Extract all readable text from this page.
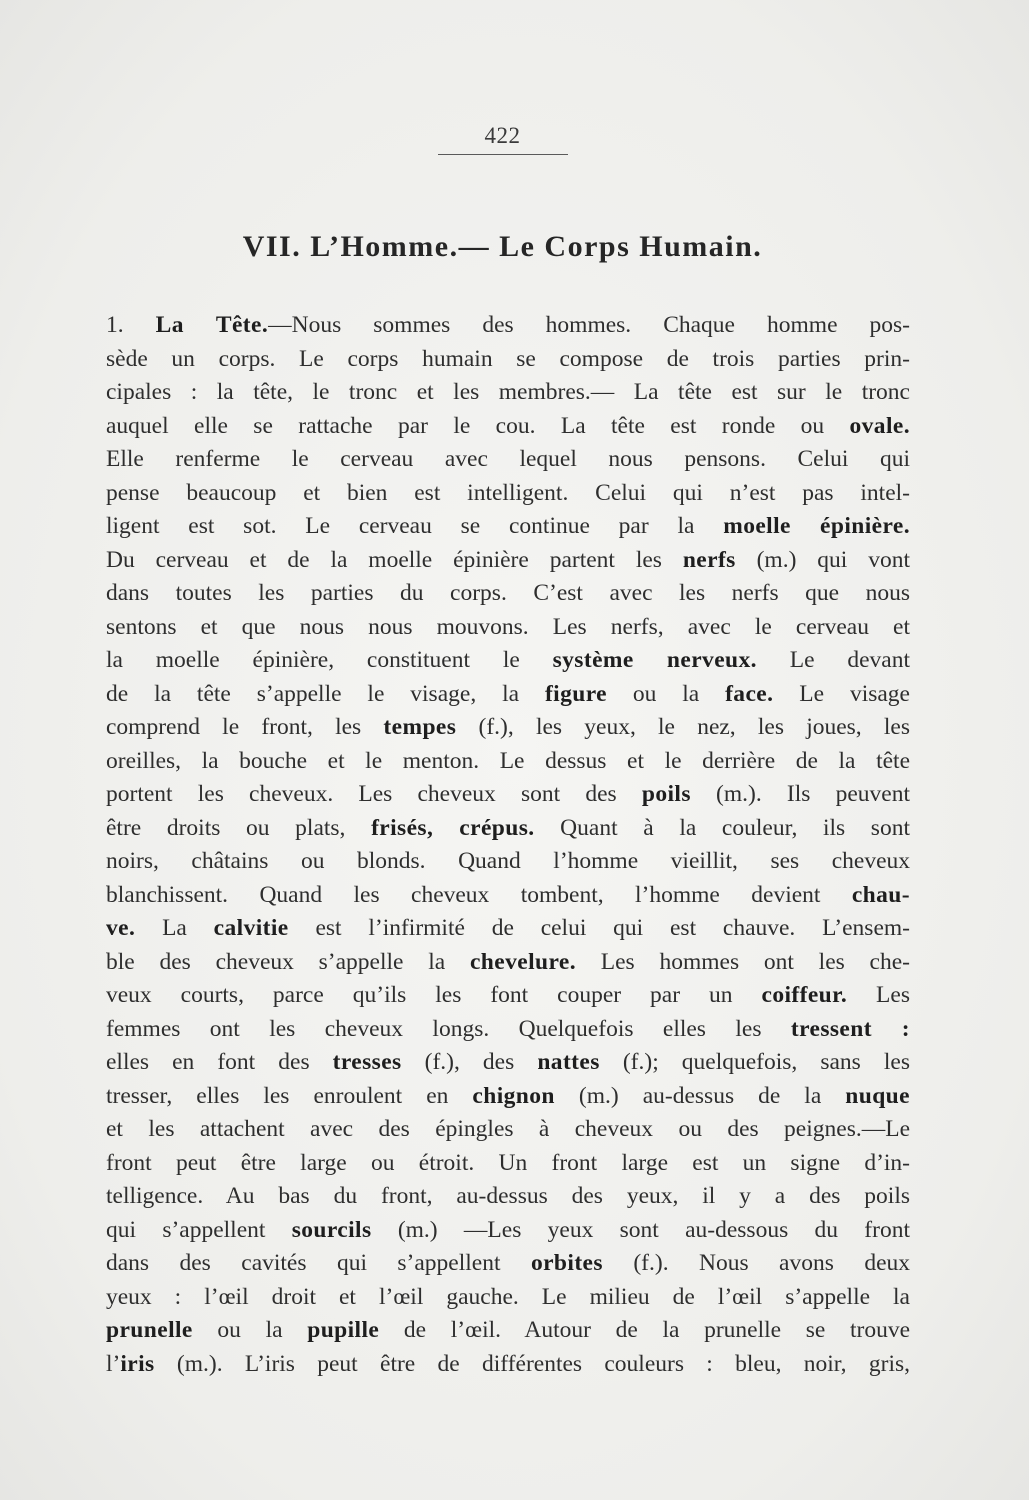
422
VII. L’Homme.— Le Corps Humain.
1. La Tête.—Nous sommes des hommes. Chaque homme pos-
sède un corps. Le corps humain se compose de trois parties prin-
cipales : la tête, le tronc et les membres.— La tête est sur le tronc
auquel elle se rattache par le cou. La tête est ronde ou ovale.
Elle renferme le cerveau avec lequel nous pensons. Celui qui
pense beaucoup et bien est intelligent. Celui qui n’est pas intel-
ligent est sot. Le cerveau se continue par la moelle épinière.
Du cerveau et de la moelle épinière partent les nerfs (m.) qui vont
dans toutes les parties du corps. C’est avec les nerfs que nous
sentons et que nous nous mouvons. Les nerfs, avec le cerveau et
la moelle épinière, constituent le système nerveux. Le devant
de la tête s’appelle le visage, la figure ou la face. Le visage
comprend le front, les tempes (f.), les yeux, le nez, les joues, les
oreilles, la bouche et le menton. Le dessus et le derrière de la tête
portent les cheveux. Les cheveux sont des poils (m.). Ils peuvent
être droits ou plats, frisés, crépus. Quant à la couleur, ils sont
noirs, châtains ou blonds. Quand l’homme vieillit, ses cheveux
blanchissent. Quand les cheveux tombent, l’homme devient chau-
ve. La calvitie est l’infirmité de celui qui est chauve. L’ensem-
ble des cheveux s’appelle la chevelure. Les hommes ont les che-
veux courts, parce qu’ils les font couper par un coiffeur. Les
femmes ont les cheveux longs. Quelquefois elles les tressent :
elles en font des tresses (f.), des nattes (f.); quelquefois, sans les
tresser, elles les enroulent en chignon (m.) au-dessus de la nuque
et les attachent avec des épingles à cheveux ou des peignes.—Le
front peut être large ou étroit. Un front large est un signe d’in-
telligence. Au bas du front, au-dessus des yeux, il y a des poils
qui s’appellent sourcils (m.) —Les yeux sont au-dessous du front
dans des cavités qui s’appellent orbites (f.). Nous avons deux
yeux : l’œil droit et l’œil gauche. Le milieu de l’œil s’appelle la
prunelle ou la pupille de l’œil. Autour de la prunelle se trouve
l’iris (m.). L’iris peut être de différentes couleurs : bleu, noir, gris,
